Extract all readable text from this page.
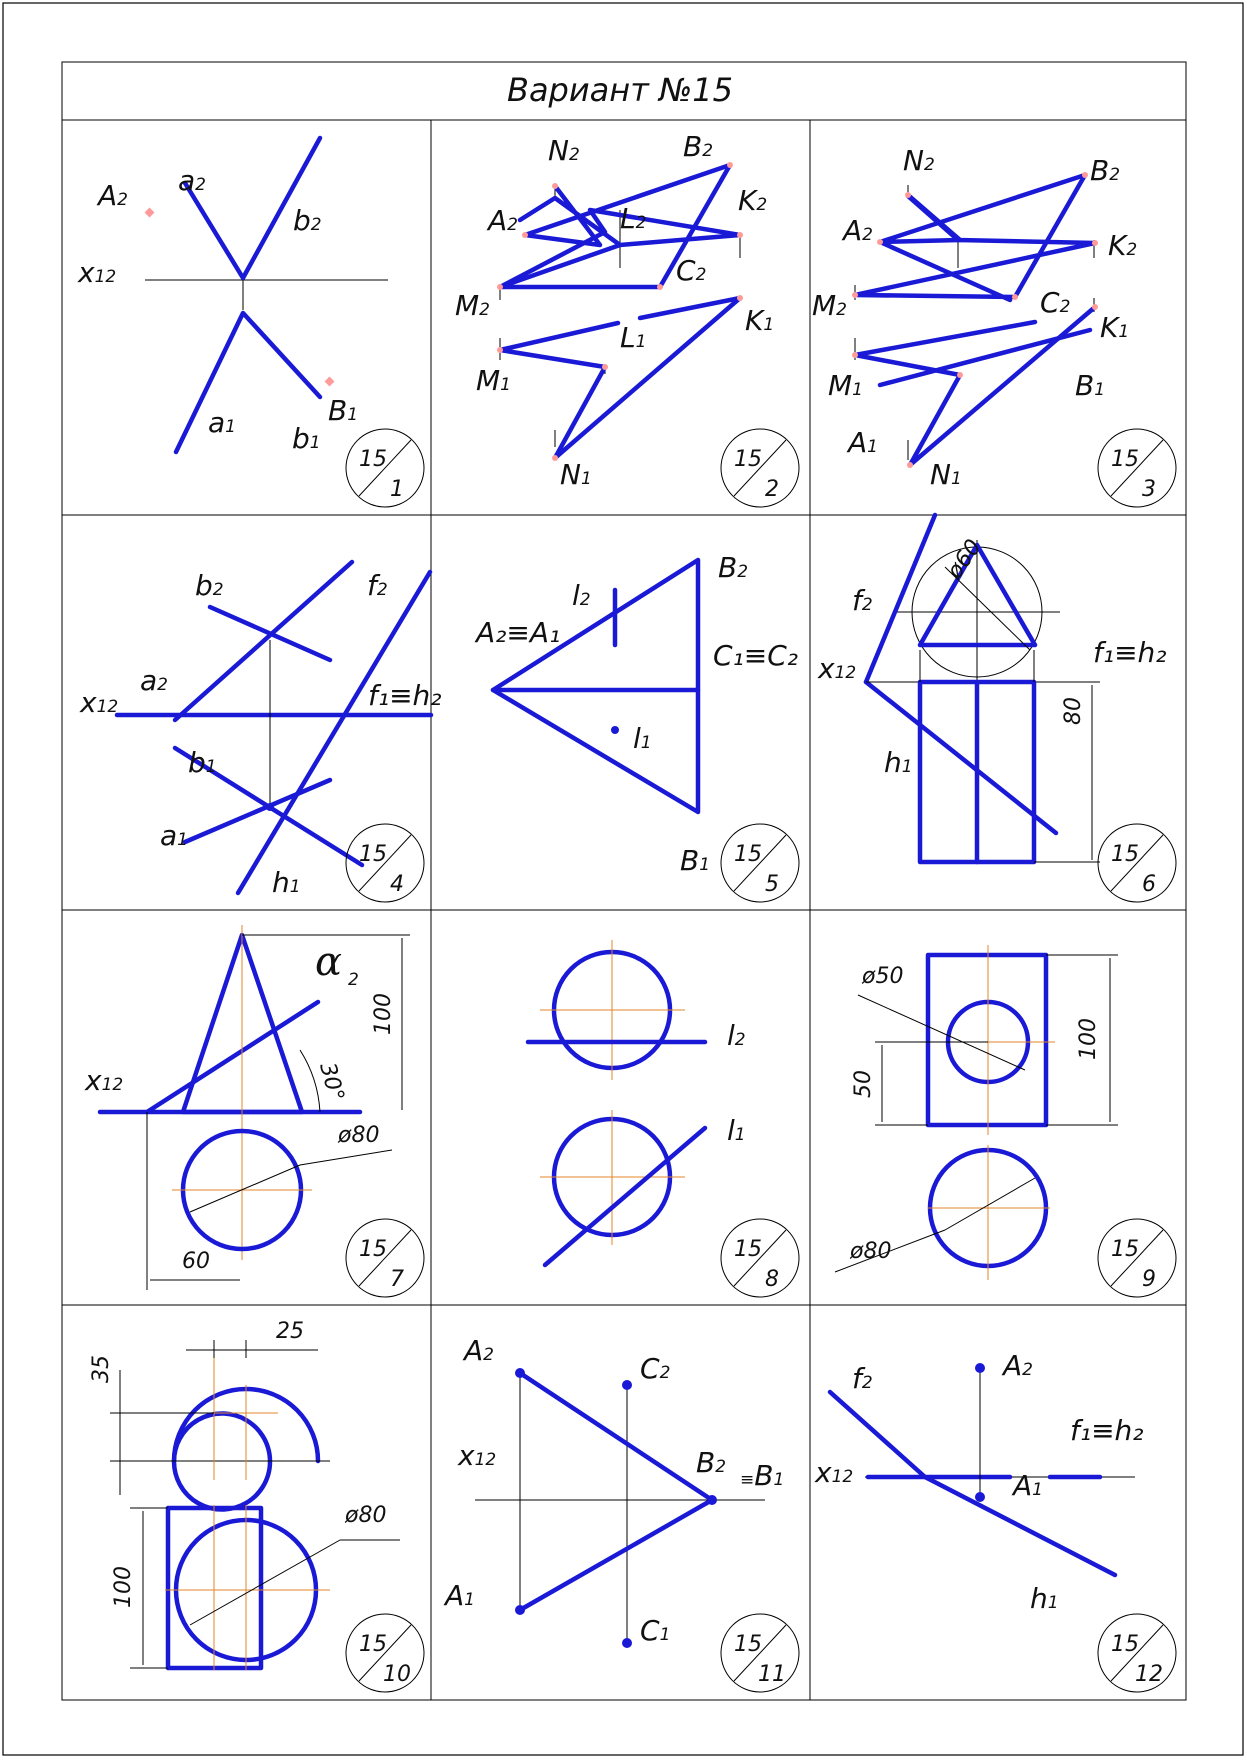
Вариант №15
A2
a2
b2
x12
a1 b1
B1
N2	B2
A2	L2
K2
C2
M2
L1
K1
M1
N1
N2	B2
A2	K2
C2
M2
K1
M1	B1
A1
N1
b2	f2
a2
x12	f₁≡h₂
b1
a1
h1
l2
B2
A₂≡A₁
C₁≡C₂
l1
B1
ø60
80
f2
x12
f₁≡h₂
h1
α $_2$
100
30°
x12
ø80
60
l2
l1
ø50
100
50
ø80
25
35
ø80
100
A2	C2
x12	B2
≡B1
A1
C1
f2
A2
f₁≡h₂
x12	A1
h1
15
1
15
2
15
3
15
4
15
5
15
6
15
7
15
8
15
9
15
10
15
11
15
12
